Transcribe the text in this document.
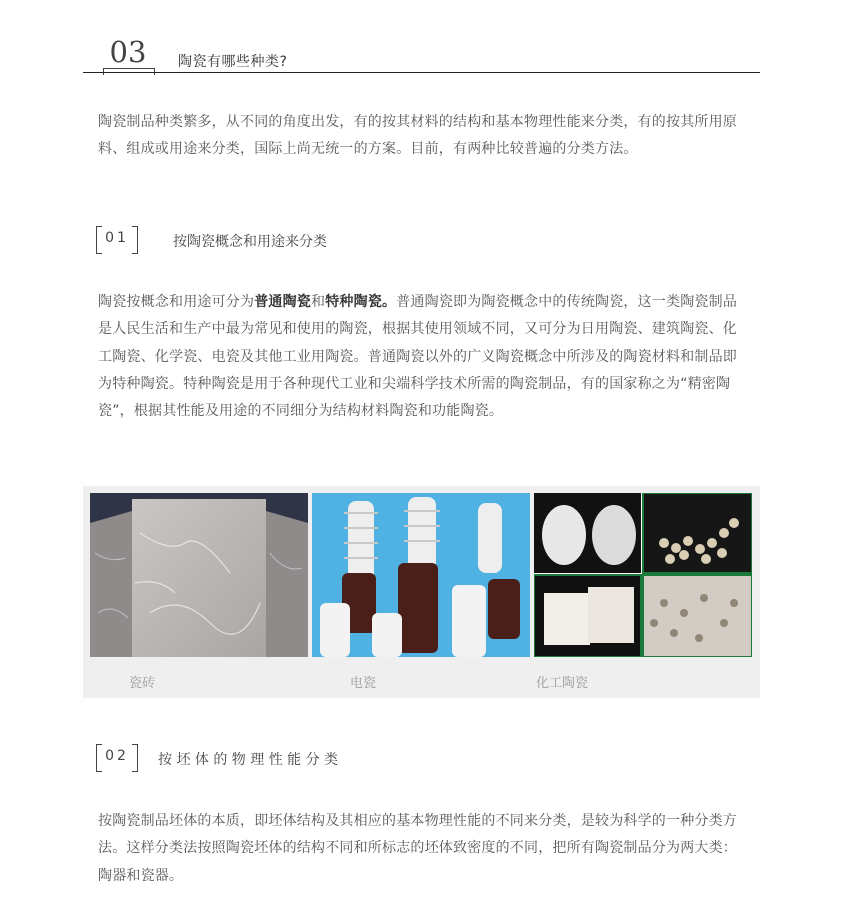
03	陶瓷有哪些种类?

陶瓷制品种类繁多，从不同的角度出发，有的按其材料的结构和基本物理性能来分类，有的按其所用原料、组成或用途来分类，国际上尚无统一的方案。目前，有两种比较普遍的分类方法。

01	按陶瓷概念和用途来分类

陶瓷按概念和用途可分为普通陶瓷和特种陶瓷。普通陶瓷即为陶瓷概念中的传统陶瓷，这一类陶瓷制品是人民生活和生产中最为常见和使用的陶瓷，根据其使用领域不同，又可分为日用陶瓷、建筑陶瓷、化工陶瓷、化学瓷、电瓷及其他工业用陶瓷。普通陶瓷以外的广义陶瓷概念中所涉及的陶瓷材料和制品即为特种陶瓷。特种陶瓷是用于各种现代工业和尖端科学技术所需的陶瓷制品，有的国家称之为“精密陶瓷”，根据其性能及用途的不同细分为结构材料陶瓷和功能陶瓷。

瓷砖	电瓷	化工陶瓷
02	按 坯 体 的 物 理 性 能 分 类

按陶瓷制品坯体的本质，即坯体结构及其相应的基本物理性能的不同来分类，是较为科学的一种分类方法。这样分类法按照陶瓷坯体的结构不同和所标志的坯体致密度的不同，把所有陶瓷制品分为两大类：陶器和瓷器。
